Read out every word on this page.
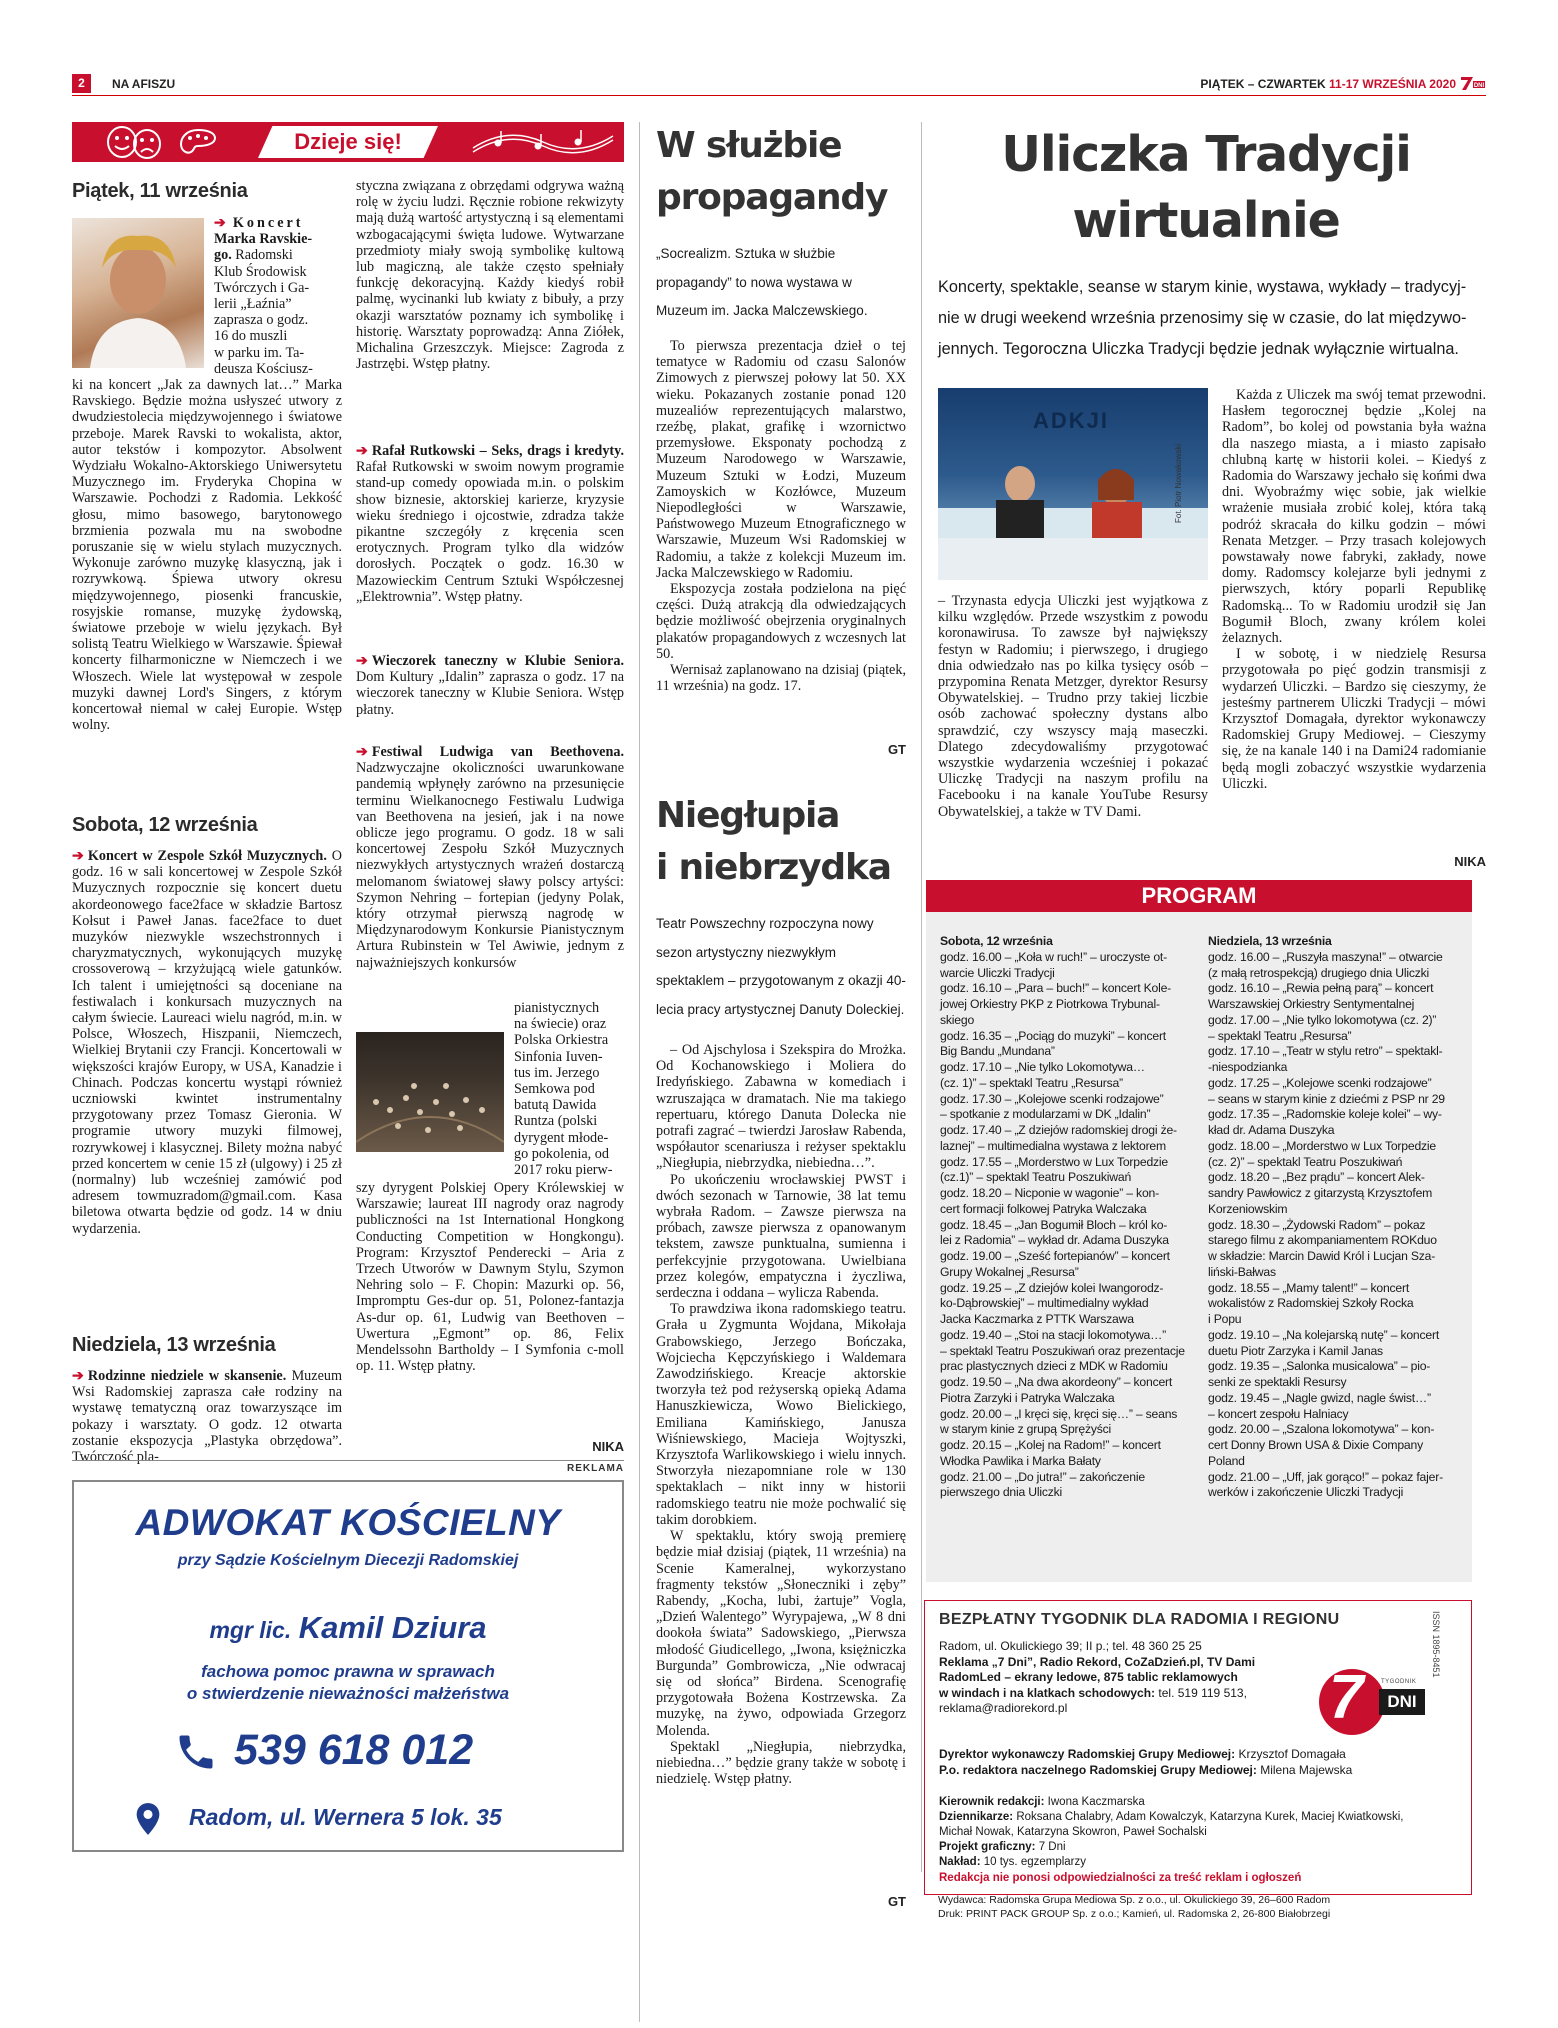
2	NA AFISZU	PIĄTEK – CZWARTEK 11-17 WRZEŚNIA 2020	DNI
Dzieje się!
Piątek, 11 września
➔ Koncert
Marka Ravskie-
go. Radomski
Klub Środowisk
Twórczych i Ga-
lerii „Łaźnia”
zaprasza o godz.
16 do muszli
w parku im. Ta-
deusza Kościusz-
ki na koncert „Jak za dawnych lat…” Marka Ravskiego. Będzie można usłyszeć utwory z dwudziestolecia międzywojennego i światowe przeboje. Marek Ravski to wokalista, aktor, autor tekstów i kompozytor. Absolwent Wydziału Wokalno-Aktorskiego Uniwersytetu Muzycznego im. Fryderyka Chopina w Warszawie. Pochodzi z Radomia. Lekkość głosu, mimo basowego, barytonowego brzmienia pozwala mu na swobodne poruszanie się w wielu stylach muzycznych. Wykonuje zarówno muzykę klasyczną, jak i rozrywkową. Śpiewa utwory okresu międzywojennego, piosenki francuskie, rosyjskie romanse, muzykę żydowską, światowe przeboje w wielu językach. Był solistą Teatru Wielkiego w Warszawie. Śpiewał koncerty filharmoniczne w Niemczech i we Włoszech. Wiele lat występował w zespole muzyki dawnej Lord's Singers, z którym koncertował niemal w całej Europie. Wstęp wolny.
Sobota, 12 września
➔ Koncert w Zespole Szkół Muzycznych. O godz. 16 w sali koncertowej w Zespole Szkół Muzycznych rozpocznie się koncert duetu akordeonowego face2face w składzie Bartosz Kołsut i Paweł Janas. face2face to duet muzyków niezwykle wszechstronnych i charyzmatycznych, wykonujących muzykę crossoverową – krzyżującą wiele gatunków. Ich talent i umiejętności są doceniane na festiwalach i konkursach muzycznych na całym świecie. Laureaci wielu nagród, m.in. w Polsce, Włoszech, Hiszpanii, Niemczech, Wielkiej Brytanii czy Francji. Koncertowali w większości krajów Europy, w USA, Kanadzie i Chinach. Podczas koncertu wystąpi również uczniowski kwintet instrumentalny przygotowany przez Tomasz Gieronia. W programie utwory muzyki filmowej, rozrywkowej i klasycznej. Bilety można nabyć przed koncertem w cenie 15 zł (ulgowy) i 25 zł (normalny) lub wcześniej zamówić pod adresem towmuzradom@gmail.com. Kasa biletowa otwarta będzie od godz. 14 w dniu wydarzenia.
Niedziela, 13 września
➔ Rodzinne niedziele w skansenie. Muzeum Wsi Radomskiej zaprasza całe rodziny na wystawę tematyczną oraz towarzyszące im pokazy i warsztaty. O godz. 12 otwarta zostanie ekspozycja „Plastyka obrzędowa”. Twórczość pla-
styczna związana z obrzędami odgrywa ważną rolę w życiu ludzi. Ręcznie robione rekwizyty mają dużą wartość artystyczną i są elementami wzbogacającymi święta ludowe. Wytwarzane przedmioty miały swoją symbolikę kultową lub magiczną, ale także często spełniały funkcję dekoracyjną. Każdy kiedyś robił palmę, wycinanki lub kwiaty z bibuły, a przy okazji warsztatów poznamy ich symbolikę i historię. Warsztaty poprowadzą: Anna Ziółek, Michalina Grzeszczyk. Miejsce: Zagroda z Jastrzębi. Wstęp płatny.
➔ Rafał Rutkowski – Seks, drags i kredyty. Rafał Rutkowski w swoim nowym programie stand-up comedy opowiada m.in. o polskim show biznesie, aktorskiej karierze, kryzysie wieku średniego i ojcostwie, zdradza także pikantne szczegóły z kręcenia scen erotycznych. Program tylko dla widzów dorosłych. Początek o godz. 16.30 w Mazowieckim Centrum Sztuki Współczesnej „Elektrownia”. Wstęp płatny.
➔ Wieczorek taneczny w Klubie Seniora. Dom Kultury „Idalin” zaprasza o godz. 17 na wieczorek taneczny w Klubie Seniora. Wstęp płatny.
➔ Festiwal Ludwiga van Beethovena. Nadzwyczajne okoliczności uwarunkowane pandemią wpłynęły zarówno na przesunięcie terminu Wielkanocnego Festiwalu Ludwiga van Beethovena na jesień, jak i na nowe oblicze jego programu. O godz. 18 w sali koncertowej Zespołu Szkół Muzycznych niezwykłych artystycznych wrażeń dostarczą melomanom światowej sławy polscy artyści: Szymon Nehring – fortepian (jedyny Polak, który otrzymał pierwszą nagrodę w Międzynarodowym Konkursie Pianistycznym Artura Rubinstein w Tel Awiwie, jednym z najważniejszych konkursów
pianistycznych
na świecie) oraz
Polska Orkiestra
Sinfonia Iuven-
tus im. Jerzego
Semkowa pod
batutą Dawida
Runtza (polski
dyrygent młode-
go pokolenia, od
2017 roku pierw-
szy dyrygent Polskiej Opery Królewskiej w Warszawie; laureat III nagrody oraz nagrody publiczności na 1st International Hongkong Conducting Competition w Hongkongu). Program: Krzysztof Penderecki – Aria z Trzech Utworów w Dawnym Stylu, Szymon Nehring solo – F. Chopin: Mazurki op. 56, Impromptu Ges-dur op. 51, Polonez-fantazja As-dur op. 61, Ludwig van Beethoven – Uwertura „Egmont” op. 86, Felix Mendelssohn Bartholdy – I Symfonia c-moll op. 11. Wstęp płatny.
NIKA
REKLAMA
ADWOKAT KOŚCIELNY
przy Sądzie Kościelnym Diecezji Radomskiej
mgr lic. Kamil Dziura
fachowa pomoc prawna w sprawach
o stwierdzenie nieważności małżeństwa
539 618 012
Radom, ul. Wernera 5 lok. 35
W służbie
propagandy
„Socrealizm. Sztuka w służbie propagandy” to nowa wystawa w Muzeum im. Jacka Malczewskiego.

To pierwsza prezentacja dzieł o tej tematyce w Radomiu od czasu Salonów Zimowych z pierwszej połowy lat 50. XX wieku. Pokazanych zostanie ponad 120 muzealiów reprezentujących malarstwo, rzeźbę, plakat, grafikę i wzornictwo przemysłowe. Eksponaty pochodzą z Muzeum Narodowego w Warszawie, Muzeum Sztuki w Łodzi, Muzeum Zamoyskich w Kozłówce, Muzeum Niepodległości w Warszawie, Państwowego Muzeum Etnograficznego w Warszawie, Muzeum Wsi Radomskiej w Radomiu, a także z kolekcji Muzeum im. Jacka Malczewskiego w Radomiu.

Ekspozycja została podzielona na pięć części. Dużą atrakcją dla odwiedzających będzie możliwość obejrzenia oryginalnych plakatów propagandowych z wczesnych lat 50.

Wernisaż zaplanowano na dzisiaj (piątek, 11 września) na godz. 17.

GT
Niegłupia
i niebrzydka
Teatr Powszechny rozpoczyna nowy sezon artystyczny niezwykłym spektaklem – przygotowanym z okazji 40-lecia pracy artystycznej Danuty Doleckiej.

– Od Ajschylosa i Szekspira do Mrożka. Od Kochanowskiego i Moliera do Iredyńskiego. Zabawna w komediach i wzruszająca w dramatach. Nie ma takiego repertuaru, którego Danuta Dolecka nie potrafi zagrać – twierdzi Jarosław Rabenda, współautor scenariusza i reżyser spektaklu „Niegłupia, niebrzydka, niebiedna…”.

Po ukończeniu wrocławskiej PWST i dwóch sezonach w Tarnowie, 38 lat temu wybrała Radom. – Zawsze pierwsza na próbach, zawsze pierwsza z opanowanym tekstem, zawsze punktualna, sumienna i perfekcyjnie przygotowana. Uwielbiana przez kolegów, empatyczna i życzliwa, serdeczna i oddana – wylicza Rabenda.

To prawdziwa ikona radomskiego teatru. Grała u Zygmunta Wojdana, Mikołaja Grabowskiego, Jerzego Bończaka, Wojciecha Kępczyńskiego i Waldemara Zawodzińskiego. Kreacje aktorskie tworzyła też pod reżyserską opieką Adama Hanuszkiewicza, Wowo Bielickiego, Emiliana Kamińskiego, Janusza Wiśniewskiego, Macieja Wojtyszki, Krzysztofa Warlikowskiego i wielu innych. Stworzyła niezapomniane role w 130 spektaklach – nikt inny w historii radomskiego teatru nie może pochwalić się takim dorobkiem.

W spektaklu, który swoją premierę będzie miał dzisiaj (piątek, 11 września) na Scenie Kameralnej, wykorzystano fragmenty tekstów „Słoneczniki i zęby” Rabendy, „Kocha, lubi, żartuje” Vogla, „Dzień Walentego” Wyrypajewa, „W 8 dni dookoła świata” Sadowskiego, „Pierwsza młodość Giudicellego, „Iwona, księżniczka Burgunda” Gombrowicza, „Nie odwracaj się od słońca” Birdena. Scenografię przygotowała Bożena Kostrzewska. Za muzykę, na żywo, odpowiada Grzegorz Molenda.

Spektakl „Niegłupia, niebrzydka, niebiedna…” będzie grany także w sobotę i niedzielę. Wstęp płatny.

GT
Uliczka Tradycji
wirtualnie
Koncerty, spektakle, seanse w starym kinie, wystawa, wykłady – tradycyj-
nie w drugi weekend września przenosimy się w czasie, do lat międzywo-
jennych. Tegoroczna Uliczka Tradycji będzie jednak wyłącznie wirtualna.
ADKJI
Fot. Piotr Nowakowski
– Trzynasta edycja Uliczki jest wyjątkowa z kilku względów. Przede wszystkim z powodu koronawirusa. To zawsze był największy festyn w Radomiu; i pierwszego, i drugiego dnia odwiedzało nas po kilka tysięcy osób – przypomina Renata Metzger, dyrektor Resursy Obywatelskiej. – Trudno przy takiej liczbie osób zachować społeczny dystans albo sprawdzić, czy wszyscy mają maseczki. Dlatego zdecydowaliśmy przygotować wszystkie wydarzenia wcześniej i pokazać Uliczkę Tradycji na naszym profilu na Facebooku i na kanale YouTube Resursy Obywatelskiej, a także w TV Dami.

Każda z Uliczek ma swój temat przewodni. Hasłem tegorocznej będzie „Kolej na Radom”, bo kolej od powstania była ważna dla naszego miasta, a i miasto zapisało chlubną kartę w historii kolei. – Kiedyś z Radomia do Warszawy jechało się końmi dwa dni. Wyobraźmy więc sobie, jak wielkie wrażenie musiała zrobić kolej, która taką podróż skracała do kilku godzin – mówi Renata Metzger. – Przy trasach kolejowych powstawały nowe fabryki, zakłady, nowe domy. Radomscy kolejarze byli jednymi z pierwszych, który poparli Republikę Radomską... To w Radomiu urodził się Jan Bogumił Bloch, zwany królem kolei żelaznych.

I w sobotę, i w niedzielę Resursa przygotowała po pięć godzin transmisji z wydarzeń Uliczki. – Bardzo się cieszymy, że jesteśmy partnerem Uliczki Tradycji – mówi Krzysztof Domagała, dyrektor wykonawczy Radomskiej Grupy Mediowej. – Cieszymy się, że na kanale 140 i na Dami24 radomianie będą mogli zobaczyć wszystkie wydarzenia Uliczki.

NIKA
PROGRAM
Sobota, 12 września
godz. 16.00 – „Koła w ruch!” – uroczyste ot-
warcie Uliczki Tradycji
godz. 16.10 – „Para – buch!” – koncert Kole-
jowej Orkiestry PKP z Piotrkowa Trybunal-
skiego
godz. 16.35 – „Pociąg do muzyki” – koncert
Big Bandu „Mundana”
godz. 17.10 – „Nie tylko Lokomotywa…
(cz. 1)” – spektakl Teatru „Resursa”
godz. 17.30 – „Kolejowe scenki rodzajowe”
– spotkanie z modularzami w DK „Idalin”
godz. 17.40 – „Z dziejów radomskiej drogi że-
laznej” – multimedialna wystawa z lektorem
godz. 17.55 – „Morderstwo w Lux Torpedzie
(cz.1)” – spektakl Teatru Poszukiwań
godz. 18.20 – Nicponie w wagonie” – kon-
cert formacji folkowej Patryka Walczaka
godz. 18.45 – „Jan Bogumił Bloch – król ko-
lei z Radomia” – wykład dr. Adama Duszyka
godz. 19.00 – „Sześć fortepianów” – koncert
Grupy Wokalnej „Resursa”
godz. 19.25 – „Z dziejów kolei Iwangorodz-
ko-Dąbrowskiej” – multimedialny wykład
Jacka Kaczmarka z PTTK Warszawa
godz. 19.40 – „Stoi na stacji lokomotywa…”
– spektakl Teatru Poszukiwań oraz prezentacje
prac plastycznych dzieci z MDK w Radomiu
godz. 19.50 – „Na dwa akordeony” – koncert
Piotra Zarzyki i Patryka Walczaka
godz. 20.00 – „I kręci się, kręci się…” – seans
w starym kinie z grupą Sprężyści
godz. 20.15 – „Kolej na Radom!” – koncert
Włodka Pawlika i Marka Bałaty
godz. 21.00 – „Do jutra!” – zakończenie
pierwszego dnia Uliczki
Niedziela, 13 września
godz. 16.00 – „Ruszyła maszyna!” – otwarcie
(z małą retrospekcją) drugiego dnia Uliczki
godz. 16.10 – „Rewia pełną parą” – koncert
Warszawskiej Orkiestry Sentymentalnej
godz. 17.00 – „Nie tylko lokomotywa (cz. 2)”
– spektakl Teatru „Resursa”
godz. 17.10 – „Teatr w stylu retro” – spektakl-
-niespodzianka
godz. 17.25 – „Kolejowe scenki rodzajowe”
– seans w starym kinie z dziećmi z PSP nr 29
godz. 17.35 – „Radomskie koleje kolei” – wy-
kład dr. Adama Duszyka
godz. 18.00 – „Morderstwo w Lux Torpedzie
(cz. 2)” – spektakl Teatru Poszukiwań
godz. 18.20 – „Bez prądu” – koncert Alek-
sandry Pawłowicz z gitarzystą Krzysztofem
Korzeniowskim
godz. 18.30 – „Żydowski Radom” – pokaz
starego filmu z akompaniamentem ROKduo
w składzie: Marcin Dawid Król i Lucjan Sza-
liński-Bałwas
godz. 18.55 – „Mamy talent!” – koncert
wokalistów z Radomskiej Szkoły Rocka
i Popu
godz. 19.10 – „Na kolejarską nutę” – koncert
duetu Piotr Zarzyka i Kamil Janas
godz. 19.35 – „Salonka musicalowa” – pio-
senki ze spektakli Resursy
godz. 19.45 – „Nagle gwizd, nagle świst…”
– koncert zespołu Halniacy
godz. 20.00 – „Szalona lokomotywa” – kon-
cert Donny Brown USA & Dixie Company
Poland
godz. 21.00 – „Uff, jak gorąco!” – pokaz fajer-
werków i zakończenie Uliczki Tradycji
BEZPŁATNY TYGODNIK DLA RADOMIA I REGIONU	ISSN 1895-8451
Radom, ul. Okulickiego 39; II p.; tel. 48 360 25 25
Reklama „7 Dni”, Radio Rekord, CoZaDzień.pl, TV Dami
RadomLed – ekrany ledowe, 875 tablic reklamowych
w windach i na klatkach schodowych: tel. 519 119 513,
reklama@radiorekord.pl	7	DNI
TYGODNIK
Dyrektor wykonawczy Radomskiej Grupy Mediowej: Krzysztof Domagała
P.o. redaktora naczelnego Radomskiej Grupy Mediowej: Milena Majewska
Kierownik redakcji: Iwona Kaczmarska
Dziennikarze: Roksana Chalabry, Adam Kowalczyk, Katarzyna Kurek, Maciej Kwiatkowski,
Michał Nowak, Katarzyna Skowron, Paweł Sochalski
Projekt graficzny: 7 Dni
Nakład: 10 tys. egzemplarzy
Redakcja nie ponosi odpowiedzialności za treść reklam i ogłoszeń
Wydawca: Radomska Grupa Mediowa Sp. z o.o., ul. Okulickiego 39, 26–600 Radom
Druk: PRINT PACK GROUP Sp. z o.o.; Kamień, ul. Radomska 2, 26-800 Białobrzegi
